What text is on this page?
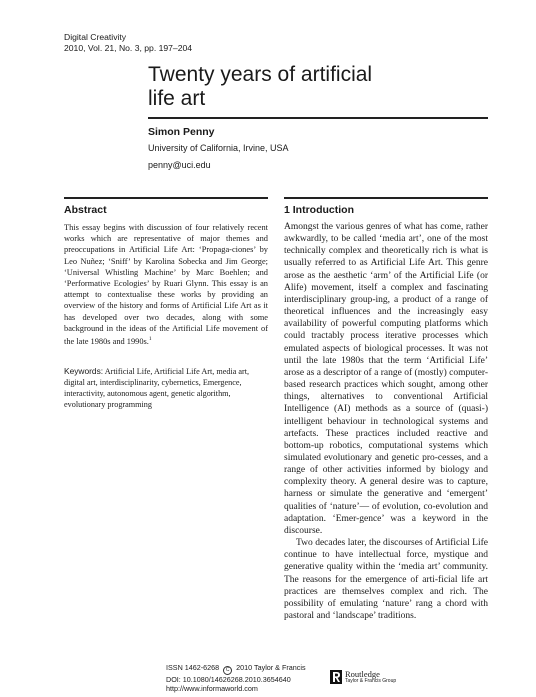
Digital Creativity
2010, Vol. 21, No. 3, pp. 197–204
Twenty years of artificial
life art
Simon Penny
University of California, Irvine, USA
penny@uci.edu
Abstract

This essay begins with discussion of four relatively recent works which are representative of major themes and preoccupations in Artificial Life Art: ‘Propaga-ciones’ by Leo Nuñez; ‘Sniff’ by Karolina Sobecka and Jim George; ‘Universal Whistling Machine’ by Marc Boehlen; and ‘Performative Ecologies’ by Ruari Glynn. This essay is an attempt to contextualise these works by providing an overview of the history and forms of Artificial Life Art as it has developed over two decades, along with some background in the ideas of the Artificial Life movement of the late 1980s and 1990s.$^1$

Keywords: Artificial Life, Artificial Life Art, media art, digital art, interdisciplinarity, cybernetics, Emergence, interactivity, autonomous agent, genetic algorithm, evolutionary programming

1 Introduction

Amongst the various genres of what has come, rather awkwardly, to be called ‘media art’, one of the most technically complex and theoretically rich is what is usually referred to as Artificial Life Art. This genre arose as the aesthetic ‘arm’ of the Artificial Life (or Alife) movement, itself a complex and fascinating interdisciplinary group-ing, a product of a range of theoretical influences and the increasingly easy availability of powerful computing platforms which could tractably process iterative processes which emulated aspects of biological processes. It was not until the late 1980s that the term ‘Artificial Life’ arose as a descriptor of a range of (mostly) computer-based research practices which sought, among other things, alternatives to conventional Artificial Intelligence (AI) methods as a source of (quasi-) intelligent behaviour in technological systems and artefacts. These practices included reactive and bottom-up robotics, computational systems which simulated evolutionary and genetic pro-cesses, and a range of other activities informed by biology and complexity theory. A general desire was to capture, harness or simulate the generative and ‘emergent’ qualities of ‘nature’— of evolution, co-evolution and adaptation. ‘Emer-gence’ was a keyword in the discourse.

Two decades later, the discourses of Artificial Life continue to have intellectual force, mystique and generative quality within the ‘media art’ community. The reasons for the emergence of arti-ficial life art practices are themselves complex and rich. The possibility of emulating ‘nature’ rang a chord with pastoral and ‘landscape’ traditions.

ISSN 1462-6268 C 2010 Taylor & Francis
DOI: 10.1080/14626268.2010.3654640
http://www.informaworld.com
Routledge
Taylor & Francis Group
